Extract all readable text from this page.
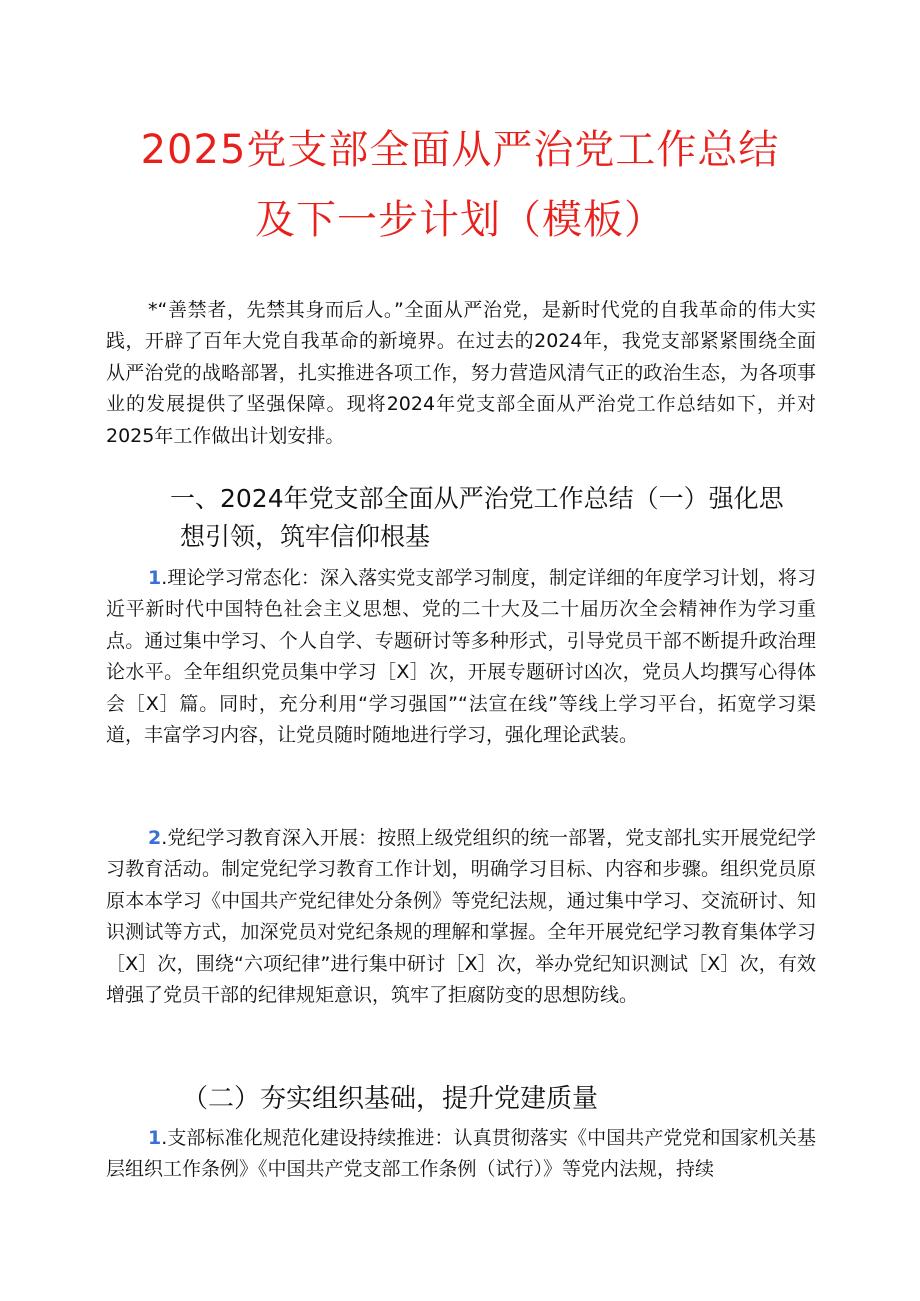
2025党支部全面从严治党工作总结
及下一步计划（模板）

*“善禁者，先禁其身而后人。”全面从严治党，是新时代党的自我革命的伟大实践，开辟了百年大党自我革命的新境界。在过去的2024年，我党支部紧紧围绕全面从严治党的战略部署，扎实推进各项工作，努力营造风清气正的政治生态，为各项事业的发展提供了坚强保障。现将2024年党支部全面从严治党工作总结如下，并对2025年工作做出计划安排。

一、2024年党支部全面从严治党工作总结（一）强化思
想引领，筑牢信仰根基

1.理论学习常态化：深入落实党支部学习制度，制定详细的年度学习计划，将习近平新时代中国特色社会主义思想、党的二十大及二十届历次全会精神作为学习重点。通过集中学习、个人自学、专题研讨等多种形式，引导党员干部不断提升政治理论水平。全年组织党员集中学习［X］次，开展专题研讨凶次，党员人均撰写心得体会［X］篇。同时，充分利用“学习强国”“法宣在线”等线上学习平台，拓宽学习渠道，丰富学习内容，让党员随时随地进行学习，强化理论武装。

2.党纪学习教育深入开展：按照上级党组织的统一部署，党支部扎实开展党纪学习教育活动。制定党纪学习教育工作计划，明确学习目标、内容和步骤。组织党员原原本本学习《中国共产党纪律处分条例》等党纪法规，通过集中学习、交流研讨、知识测试等方式，加深党员对党纪条规的理解和掌握。全年开展党纪学习教育集体学习［X］次，围绕“六项纪律”进行集中研讨［X］次，举办党纪知识测试［X］次，有效增强了党员干部的纪律规矩意识，筑牢了拒腐防变的思想防线。

（二）夯实组织基础，提升党建质量

1.支部标准化规范化建设持续推进：认真贯彻落实《中国共产党党和国家机关基层组织工作条例》《中国共产党支部工作条例（试行）》等党内法规，持续
